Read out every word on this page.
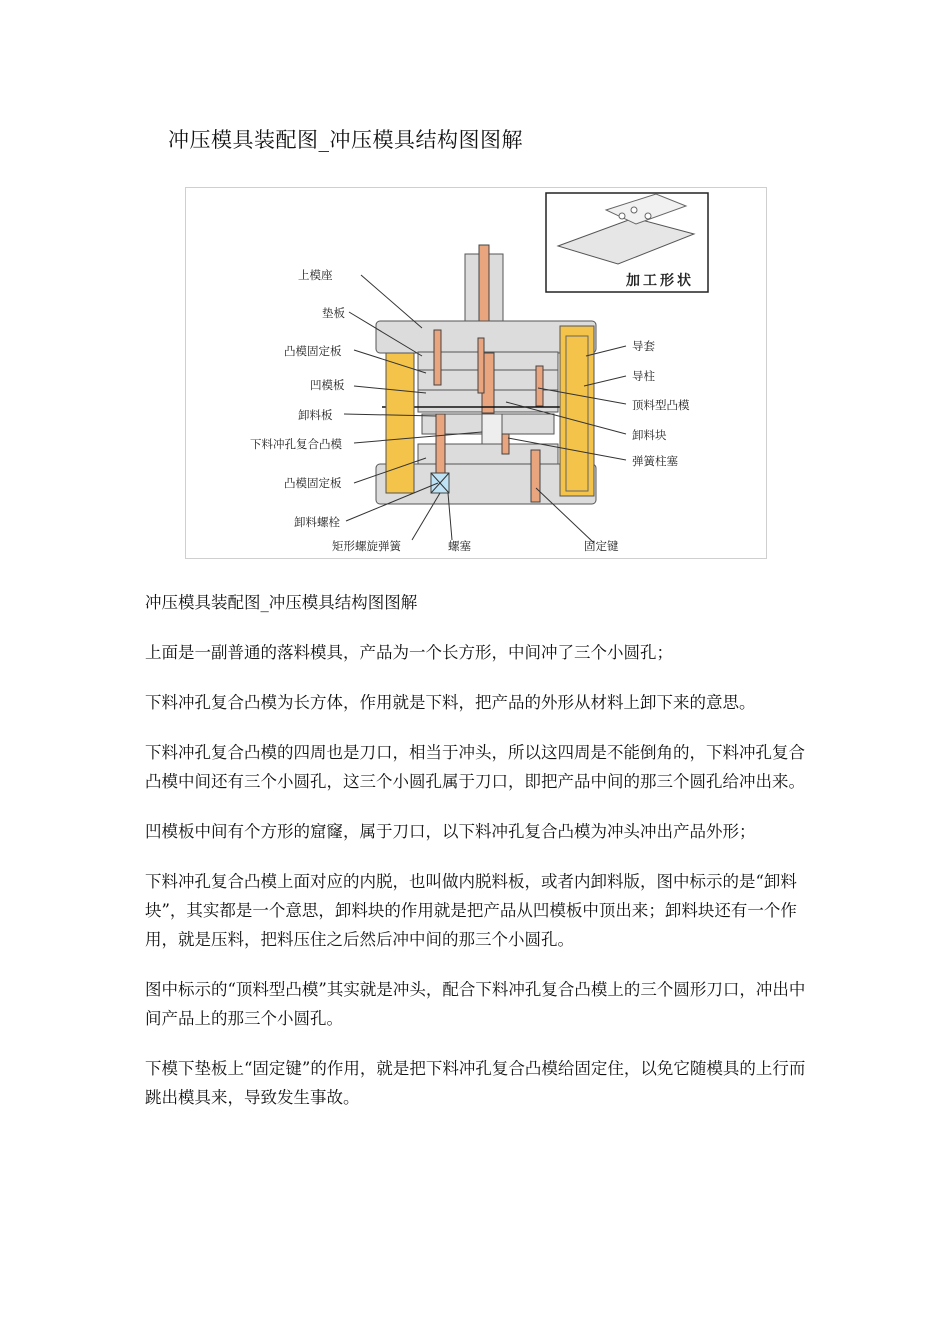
冲压模具装配图_冲压模具结构图图解
加工形状
上模座
垫板
凸模固定板
凹模板
卸料板
下料冲孔复合凸模
凸模固定板
卸料螺栓
矩形螺旋弹簧	螺塞	固定键
导套
导柱
顶料型凸模
卸料块
弹簧柱塞

冲压模具装配图_冲压模具结构图图解

上面是一副普通的落料模具，产品为一个长方形，中间冲了三个小圆孔；

下料冲孔复合凸模为长方体，作用就是下料，把产品的外形从材料上卸下来的意思。

下料冲孔复合凸模的四周也是刀口，相当于冲头，所以这四周是不能倒角的，下料冲孔复合凸模中间还有三个小圆孔，这三个小圆孔属于刀口，即把产品中间的那三个圆孔给冲出来。

凹模板中间有个方形的窟窿，属于刀口，以下料冲孔复合凸模为冲头冲出产品外形；

下料冲孔复合凸模上面对应的内脱，也叫做内脱料板，或者内卸料版，图中标示的是“卸料块”，其实都是一个意思，卸料块的作用就是把产品从凹模板中顶出来；卸料块还有一个作用，就是压料，把料压住之后然后冲中间的那三个小圆孔。

图中标示的“顶料型凸模”其实就是冲头，配合下料冲孔复合凸模上的三个圆形刀口，冲出中间产品上的那三个小圆孔。

下模下垫板上“固定键”的作用，就是把下料冲孔复合凸模给固定住，以免它随模具的上行而跳出模具来，导致发生事故。
